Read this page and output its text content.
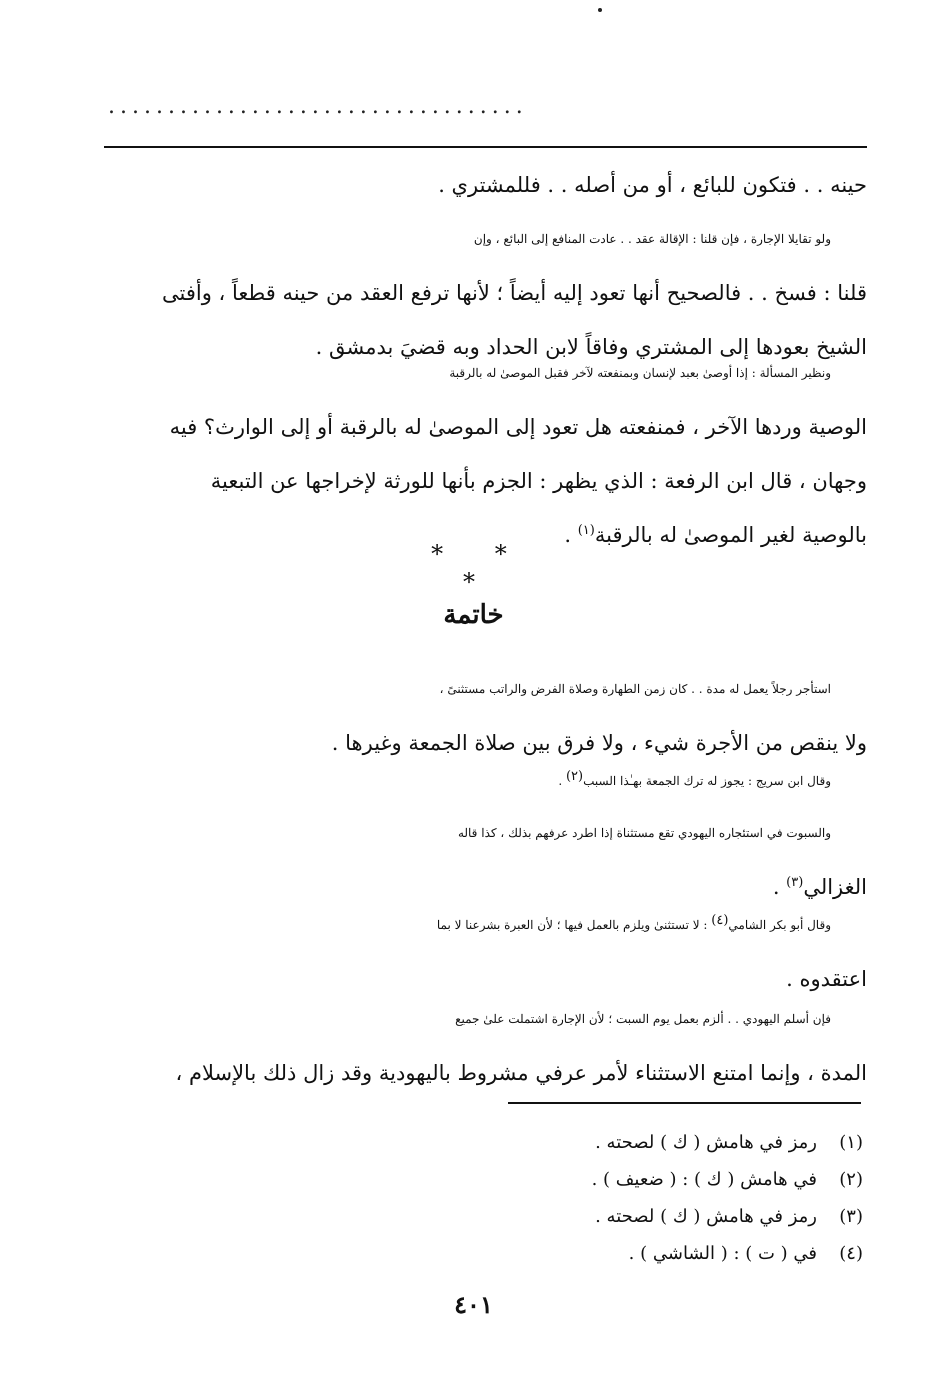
...................................
حينه . . فتكون للبائع ، أو من أصله . . فللمشتري .
ولو تقايلا الإجارة ، فإن قلنا : الإقالة عقد . . عادت المنافع إلى البائع ، وإن
قلنا : فسخ . . فالصحيح أنها تعود إليه أيضاً ؛ لأنها ترفع العقد من حينه قطعاً ، وأفتى
الشيخ بعودها إلى المشتري وفاقاً لابن الحداد وبه قضيَ بدمشق .
ونظير المسألة : إذا أوصىٰ بعبد لإنسان وبمنفعته لآخر فقبل الموصىٰ له بالرقبة
الوصية وردها الآخر ، فمنفعته هل تعود إلى الموصىٰ له بالرقبة أو إلى الوارث؟ فيه
وجهان ، قال ابن الرفعة : الذي يظهر : الجزم بأنها للورثة لإخراجها عن التبعية
بالوصية لغير الموصىٰ له بالرقبة$^{(١)}$ .
* * *
خاتمة
استأجر رجلاً يعمل له مدة . . كان زمن الطهارة وصلاة الفرض والراتب مستثنىً ،
ولا ينقص من الأجرة شيء ، ولا فرق بين صلاة الجمعة وغيرها .
وقال ابن سريج : يجوز له ترك الجمعة بهـٰذا السبب$^{(٢)}$ .
والسبوت في استئجاره اليهودي تقع مستثناة إذا اطرد عرفهم بذلك ، كذا قاله
الغزالي$^{(٣)}$ .
وقال أبو بكر الشامي$^{(٤)}$ : لا تستثنىٰ ويلزم بالعمل فيها ؛ لأن العبرة بشرعنا لا بما
اعتقدوه .
فإن أسلم اليهودي . . ألزم بعمل يوم السبت ؛ لأن الإجارة اشتملت علىٰ جميع
المدة ، وإنما امتنع الاستثناء لأمر عرفي مشروط باليهودية وقد زال ذلك بالإسلام ،
(١)رمز في هامش ( ك ) لصحته .
(٢)في هامش ( ك ) : ( ضعيف ) .
(٣)رمز في هامش ( ك ) لصحته .
(٤)في ( ت ) : ( الشاشي ) .
٤٠١
